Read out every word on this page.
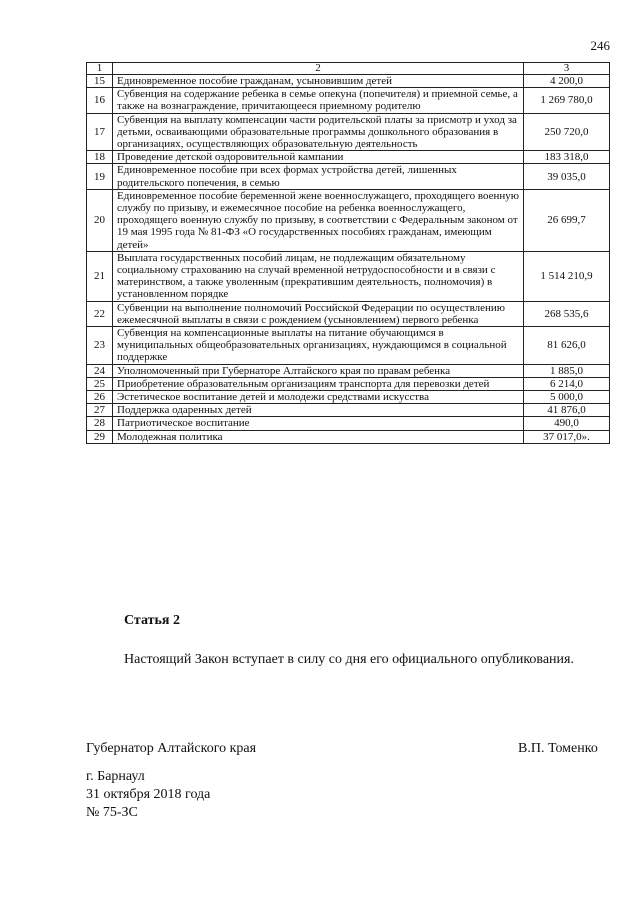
246
1	2	3
15	Единовременное пособие гражданам, усыновившим детей	4 200,0
16	Субвенция на содержание ребенка в семье опекуна (попечителя) и приемной семье, а также на вознаграждение, причитающееся приемному родителю	1 269 780,0
17	Субвенция на выплату компенсации части родительской платы за присмотр и уход за детьми, осваивающими образовательные программы дошкольного образования в организациях, осуществляющих образовательную деятельность	250 720,0
18	Проведение детской оздоровительной кампании	183 318,0
19	Единовременное пособие при всех формах устройства детей, лишенных родительского попечения, в семью	39 035,0
20	Единовременное пособие беременной жене военнослужащего, проходящего военную службу по призыву, и ежемесячное пособие на ребенка военнослужащего, проходящего военную службу по призыву, в соответствии с Федеральным законом от 19 мая 1995 года № 81-ФЗ «О государственных пособиях гражданам, имеющим детей»	26 699,7
21	Выплата государственных пособий лицам, не подлежащим обязательному социальному страхованию на случай временной нетрудоспособности и в связи с материнством, а также уволенным (прекратившим деятельность, полномочия) в установленном порядке	1 514 210,9
22	Субвенции на выполнение полномочий Российской Федерации по осуществлению ежемесячной выплаты в связи с рождением (усыновлением) первого ребенка	268 535,6
23	Субвенция на компенсационные выплаты на питание обучающимся в муниципальных общеобразовательных организациях, нуждающимся в социальной поддержке	81 626,0
24	Уполномоченный при Губернаторе Алтайского края по правам ребенка	1 885,0
25	Приобретение образовательным организациям транспорта для перевозки детей	6 214,0
26	Эстетическое воспитание детей и молодежи средствами искусства	5 000,0
27	Поддержка одаренных детей	41 876,0
28	Патриотическое воспитание	490,0
29	Молодежная политика	37 017,0».
Статья 2
Настоящий Закон вступает в силу со дня его официального опубликования.
Губернатор Алтайского края	В.П. Томенко
г. Барнаул
31 октября 2018 года
№ 75-ЗС
